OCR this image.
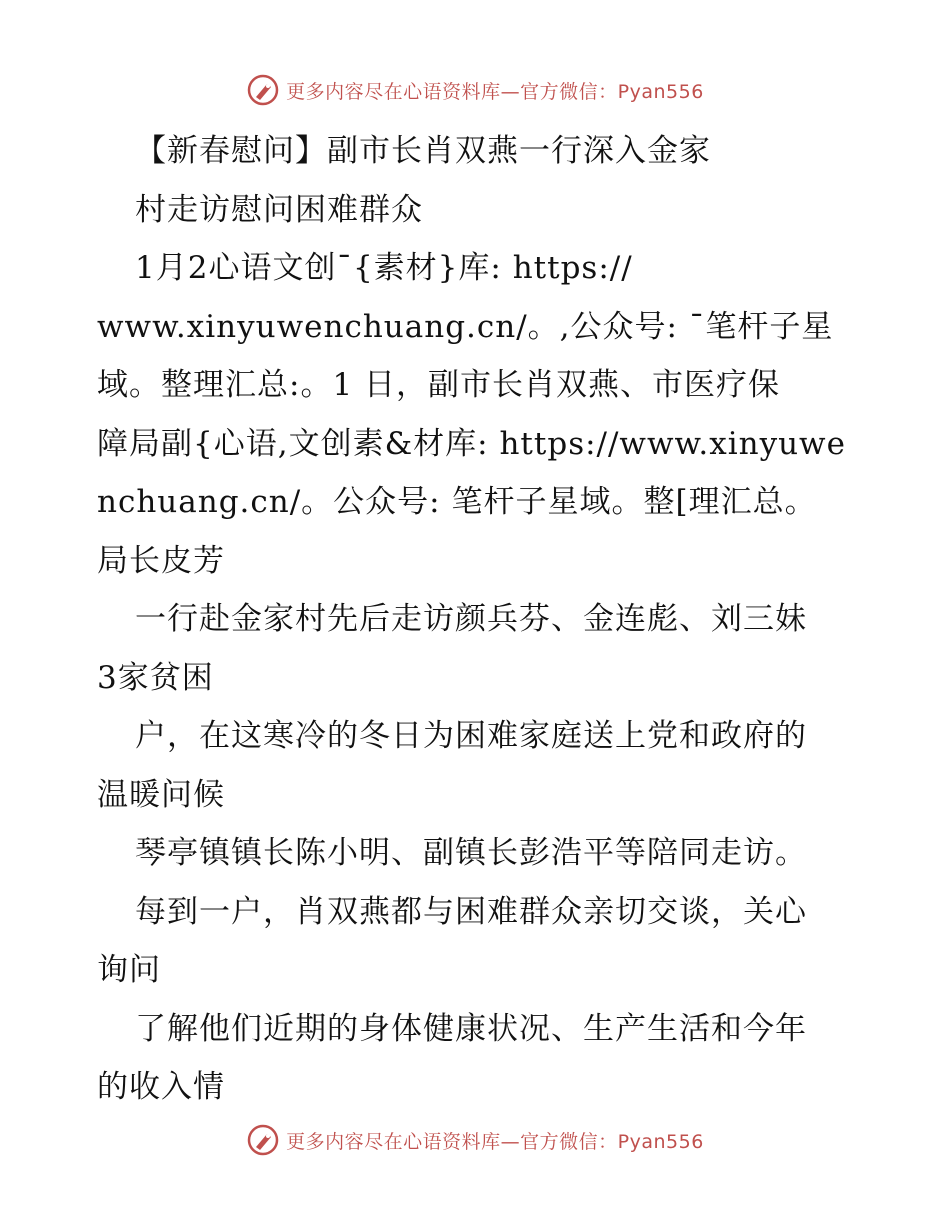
更多内容尽在心语资料库—官方微信：Pyan556
【新春慰问】副市长肖双燕一行深入金家
村走访慰问困难群众
1月2心语文创¯{素材}库: https://
www.xinyuwenchuang.cn/。,公众号: ¯笔杆子星
域。整理汇总:。1 日，副市长肖双燕、市医疗保
障局副{心语,文创素&材库: https://www.xinyuwe
nchuang.cn/。公众号: 笔杆子星域。整[理汇总。
局长皮芳
一行赴金家村先后走访颜兵芬、金连彪、刘三妹
3家贫困
户，在这寒冷的冬日为困难家庭送上党和政府的
温暖问候
琴亭镇镇长陈小明、副镇长彭浩平等陪同走访。
每到一户，肖双燕都与困难群众亲切交谈，关心
询问
了解他们近期的身体健康状况、生产生活和今年
的收入情
更多内容尽在心语资料库—官方微信：Pyan556
